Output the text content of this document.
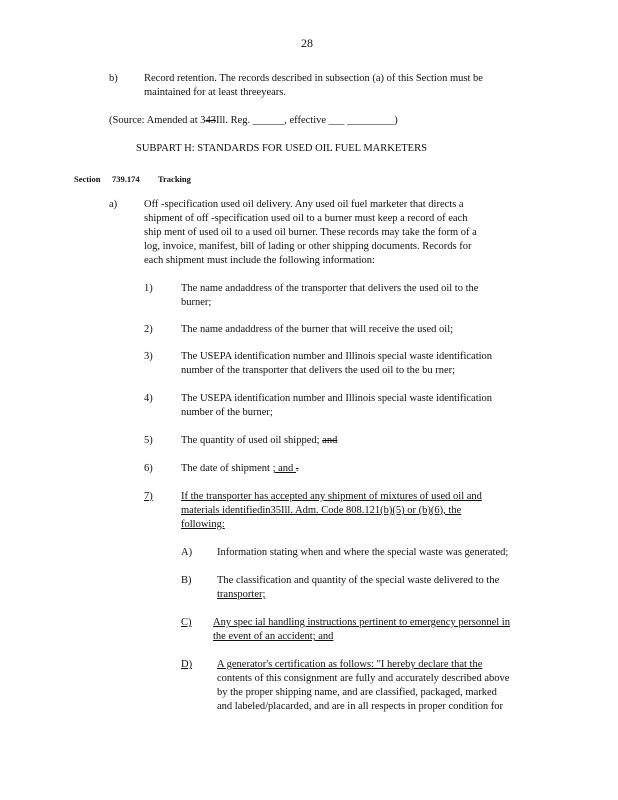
28
b)	Record retention. The records described in subsection (a) of this Section must be
maintained for at least threeyears.
(Source: Amended at 343Ill. Reg. ______, effective ___ _________)
SUBPART H: STANDARDS FOR USED OIL FUEL MARKETERS
Section 739.174 Tracking
a)	Off -specification used oil delivery. Any used oil fuel marketer that directs a
shipment of off -specification used oil to a burner must keep a record of each
ship ment of used oil to a used oil burner. These records may take the form of a
log, invoice, manifest, bill of lading or other shipping documents. Records for
each shipment must include the following information:
1)	The name andaddress of the transporter that delivers the used oil to the
burner;
2)	The name andaddress of the burner that will receive the used oil;
3)	The USEPA identification number and Illinois special waste identification
number of the transporter that delivers the used oil to the bu rner;
4)	The USEPA identification number and Illinois special waste identification
number of the burner;
5)	The quantity of used oil shipped; and
6)	The date of shipment ; and .
7)	If the transporter has accepted any shipment of mixtures of used oil and
materials identifiedin35Ill. Adm. Code 808.121(b)(5) or (b)(6), the
following:
A) Information stating when and where the special waste was generated;
B) The classification and quantity of the special waste delivered to the
transporter;
C) Any spec ial handling instructions pertinent to emergency personnel in
the event of an accident; and
D) A generator's certification as follows: "I hereby declare that the
contents of this consignment are fully and accurately described above
by the proper shipping name, and are classified, packaged, marked
and labeled/placarded, and are in all respects in proper condition for
